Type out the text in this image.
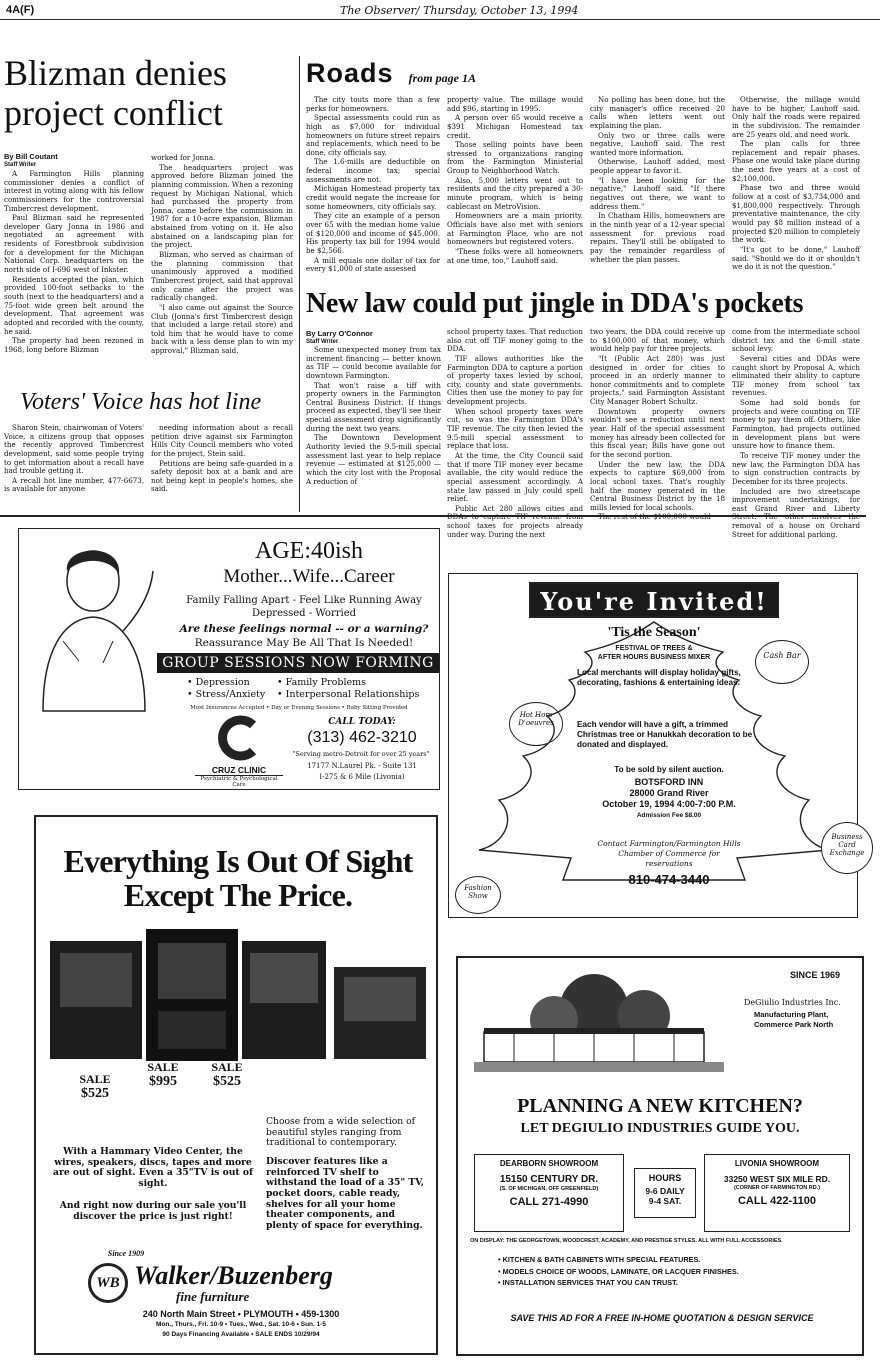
4A(F)	The Observer/ Thursday, October 13, 1994
Blizman denies
project conflict
By Bill Coutant
Staff Writer

A Farmington Hills planning commissioner denies a conflict of interest in voting along with his fellow commissioners for the controversial Timbercrest development.

Paul Blizman said he represented developer Gary Jonna in 1986 and negotiated an agreement with residents of Forestbrook subdivision for a development for the Michigan National Corp. headquarters on the north side of I-696 west of Inkster.

Residents accepted the plan, which provided 100-foot setbacks to the south (next to the headquarters) and a 75-foot wide green belt around the development. That agreement was adopted and recorded with the county, he said.

The property had been rezoned in 1968, long before Blizman

worked for Jonna.

The headquarters project was approved before Blizman joined the planning commission. When a rezoning request by Michigan National, which had purchased the property from Jonna, came before the commission in 1987 for a 10-acre expansion, Blizman abstained from voting on it. He also abstained on a landscaping plan for the project.

Blizman, who served as chairman of the planning commission that unanimously approved a modified Timbercrest project, said that approval only came after the project was radically changed.

"I also came out against the Source Club (Jonna's first Timbercrest design that included a large retail store) and told him that he would have to come back with a less dense plan to win my approval," Blizman said.

Voters' Voice has hot line

Sharon Stein, chairwoman of Voters' Voice, a citizens group that opposes the recently approved Timbercrest development, said some people trying to get information about a recall have had trouble getting it.

A recall hot line number, 477-6673, is available for anyone

needing information about a recall petition drive against six Farmington Hills City Council members who voted for the project, Stein said.

Petitions are being safe-guarded in a safety deposit box at a bank and are not being kept in people's homes, she said.

Roads from page 1A

The city touts more than a few perks for homeowners.

Special assessments could run as high as $7,000 for individual homeowners on future street repairs and replacements, which need to be done, city officials say.

The 1.6-mills are deductible on federal income tax; special assessments are not.

Michigan Homestead property tax credit would negate the increase for some homeowners, city officials say.

They cite an example of a person over 65 with the median home value of $120,000 and income of $45,000. His property tax bill for 1994 would be $2,566.

A mill equals one dollar of tax for every $1,000 of state assessed

property value. The millage would add $96, starting in 1995.

A person over 65 would receive a $391 Michigan Homestead tax credit.

Those selling points have been stressed to organizations ranging from the Farmington Ministerial Group to Neighborhood Watch.

Also, 5,000 letters went out to residents and the city prepared a 30-minute program, which is being cablecast on MetroVision.

Homeowners are a main priority. Officials have also met with seniors at Farmington Place, who are not homeowners but registered voters.

"These folks were all homeowners at one time, too," Lauhoff said.

No polling has been done, but the city manager's office received 20 calls when letters went out explaining the plan.

Only two or three calls were negative, Lauhoff said. The rest wanted more information.

Otherwise, Lauhoff added, most people appear to favor it.

"I have been looking for the negative," Lauhoff said. "If there negatives out there, we want to address them."

In Chatham Hills, homeowners are in the ninth year of a 12-year special assessment for previous road repairs. They'll still be obligated to pay the remainder regardless of whether the plan passes.

Otherwise, the millage would have to be higher, Lauhoff said. Only half the roads were repaired in the subdivision. The remainder are 25 years old, and need work.

The plan calls for three replacement and repair phases. Phase one would take place during the next five years at a cost of $2,100,000.

Phase two and three would follow at a cost of $3,734,000 and $1,800,000 respectively. Through preventative maintenance, the city would pay $8 million instead of a projected $20 million to completely the work.

"It's got to be done," Lauhoff said. "Should we do it or shouldn't we do it is not the question."

New law could put jingle in DDA's pockets
By Larry O'Connor
Staff Writer

Some unexpected money from tax increment financing — better known as TIF — could become available for downtown Farmington.

That won't raise a tiff with property owners in the Farmington Central Business District. If things proceed as expected, they'll see their special assessment drop significantly during the next two years.

The Downtown Development Authority levied the 9.5-mill special assessment last year to help replace revenue — estimated at $125,000 — which the city lost with the Proposal A reduction of

school property taxes. That reduction also cut off TIF money going to the DDA.

TIF allows authorities like the Farmington DDA to capture a portion of property taxes levied by school, city, county and state governments. Cities then use the money to pay for development projects.

When school property taxes were cut, so was the Farmington DDA's TIF revenue. The city then levied the 9.5-mill special assessment to replace that loss.

At the time, the City Council said that if more TIF money ever became available, the city would reduce the special assessment accordingly. A state law passed in July could spell relief.

Public Act 280 allows cities and school taxes for projects already under way. During the next

two years, the DDA could receive up to $100,000 of that money, which would help pay for three projects.

"It (Public Act 280) was just designed in order for cities to proceed in an orderly manner to honor commitments and to complete projects," said Farmington Assistant City Manager Robert Schultz.

Downtown property owners wouldn't see a reduction until next year. Half of the special assessment money has already been collected for this fiscal year; Bills have gone out for the second portion.

Under the new law, the DDA expects to capture $69,000 from local school taxes. That's roughly half the money generated in the Central Business District by the 18 mills levied for local schools.

come from the intermediate school district tax and the 6-mill state school levy.

Several cities and DDAs were caught short by Proposal A, which eliminated their ability to capture TIF money from school tax revenues.

Some had sold bonds for projects and were counting on TIF money to pay them off. Others, like Farmington, had projects outlined in development plans but were unsure how to finance them.

To receive TIF money under the new law, the Farmington DDA has to sign construction contracts by December for its three projects.

Included are two streetscape improvement undertakings, for east Grand River and Liberty removal of a house on Orchard Street for additional parking.

AGE:40ish
Mother...Wife...Career
Family Falling Apart - Feel Like Running Away
Depressed - Worried
Are these feelings normal -- or a warning?
Reassurance May Be All That Is Needed!
GROUP SESSIONS NOW FORMING
• Depression
• Stress/Anxiety
• Family Problems
• Interpersonal Relationships
Most Insurances Accepted • Day or Evening Sessions • Baby Sitting Provided
CRUZ CLINIC
Psychiatric & Psychological Care
CALL TODAY:
(313) 462-3210
"Serving metro-Detroit for over 25 years"
17177 N.Laurel Pk. - Suite 131
I-275 & 6 Mile (Livonia)
You're Invited!
'Tis the Season'
FESTIVAL OF TREES &
AFTER HOURS BUSINESS MIXER
Local merchants will display holiday gifts, decorating, fashions & entertaining ideas.
Each vendor will have a gift, a trimmed Christmas tree or Hanukkah decoration to be donated and displayed.
To be sold by silent auction.
BOTSFORD INN
28000 Grand River
October 19, 1994 4:00-7:00 P.M.
Admission Fee $8.00
Contact Farmington/Farmington Hills
Chamber of Commerce for
reservations
810-474-3440
Cash Bar
Hot Hors D'oeuvres
Business Card Exchange
Fashion Show
Everything Is Out Of Sight
Except The Price.
SALE
$525
SALE
$995
SALE
$525
Choose from a wide selection of beautiful styles ranging from traditional to contemporary.
Discover features like a reinforced TV shelf to withstand the load of a 35" TV, pocket doors, cable ready, shelves for all your home theater components, and plenty of space for everything.
With a Hammary Video Center, the wires, speakers, discs, tapes and more are out of sight. Even a 35"TV is out of sight.
And right now during our sale you'll discover the price is just right!
Since 1909
WB Walker/Buzenberg
fine furniture
240 North Main Street • PLYMOUTH • 459-1300
Mon., Thurs., Fri. 10-9 • Tues., Wed., Sat. 10-6 • Sun. 1-5
90 Days Financing Available • SALE ENDS 10/29/94
SINCE 1969
DeGiulio Industries Inc.
Manufacturing Plant,
Commerce Park North
PLANNING A NEW KITCHEN?
LET DEGIULIO INDUSTRIES GUIDE YOU.
DEARBORN SHOWROOM
15150 CENTURY DR.
(S. OF MICHIGAN, OFF GREENFIELD)
CALL 271-4990
HOURS
9-6 DAILY
9-4 SAT.
LIVONIA SHOWROOM
33250 WEST SIX MILE RD.
(CORNER OF FARMINGTON RD.)
CALL 422-1100
ON DISPLAY: THE GEORGETOWN, WOODCREST, ACADEMY, AND PRESTIGE STYLES. ALL WITH FULL ACCESSORIES.
• KITCHEN & BATH CABINETS WITH SPECIAL FEATURES.
• MODELS CHOICE OF WOODS, LAMINATE, OR LACQUER FINISHES.
• INSTALLATION SERVICES THAT YOU CAN TRUST.
SAVE THIS AD FOR A FREE IN-HOME QUOTATION & DESIGN SERVICE
